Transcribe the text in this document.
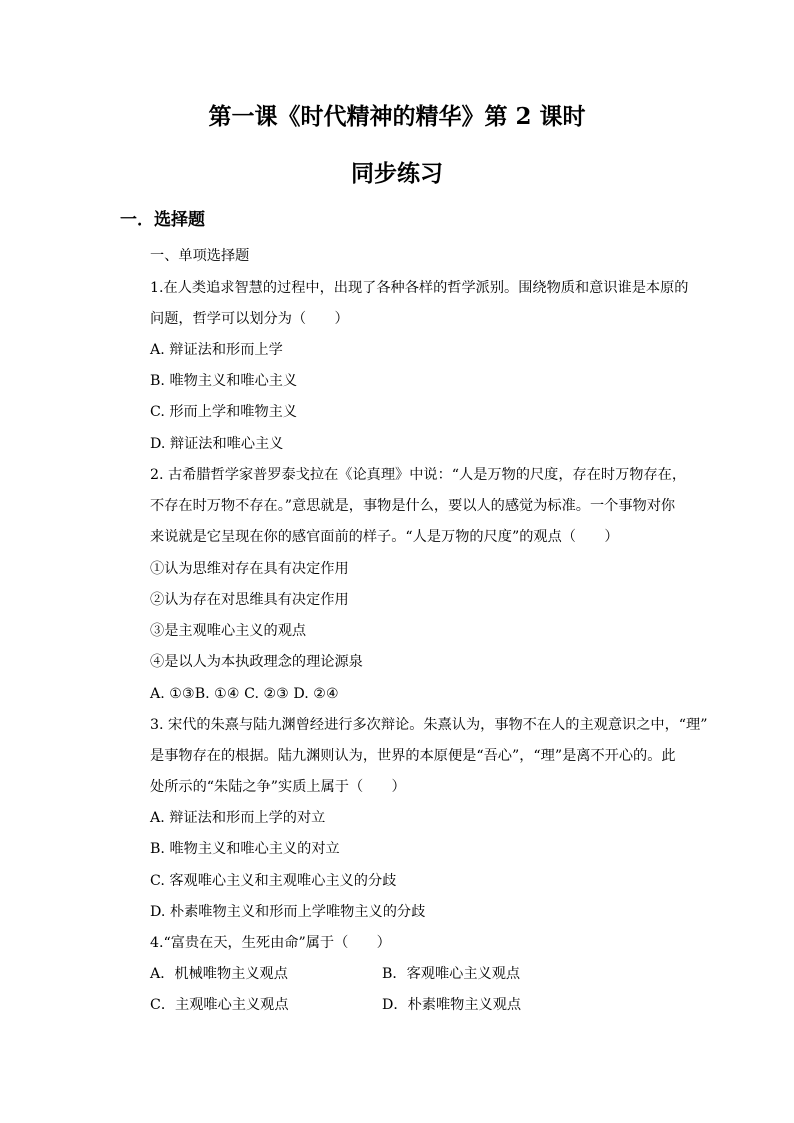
第一课《时代精神的精华》第 2 课时
同步练习
一．选择题
一、单项选择题
1.在人类追求智慧的过程中，出现了各种各样的哲学派别。围绕物质和意识谁是本原的
问题，哲学可以划分为（　　）
A. 辩证法和形而上学
B. 唯物主义和唯心主义
C. 形而上学和唯物主义
D. 辩证法和唯心主义
2. 古希腊哲学家普罗泰戈拉在《论真理》中说：“人是万物的尺度，存在时万物存在，
不存在时万物不存在。”意思就是，事物是什么，要以人的感觉为标准。一个事物对你
来说就是它呈现在你的感官面前的样子。“人是万物的尺度”的观点（　　）
①认为思维对存在具有决定作用
②认为存在对思维具有决定作用
③是主观唯心主义的观点
④是以人为本执政理念的理论源泉
A. ①③B. ①④ C. ②③ D. ②④
3. 宋代的朱熹与陆九渊曾经进行多次辩论。朱熹认为，事物不在人的主观意识之中，“理”
是事物存在的根据。陆九渊则认为，世界的本原便是“吾心”，“理”是离不开心的。此
处所示的“朱陆之争”实质上属于（　　）
A. 辩证法和形而上学的对立
B. 唯物主义和唯心主义的对立
C. 客观唯心主义和主观唯心主义的分歧
D. 朴素唯物主义和形而上学唯物主义的分歧
4.“富贵在天，生死由命”属于（　　）
A．机械唯物主义观点	B．客观唯心主义观点
C．主观唯心主义观点	D．朴素唯物主义观点
